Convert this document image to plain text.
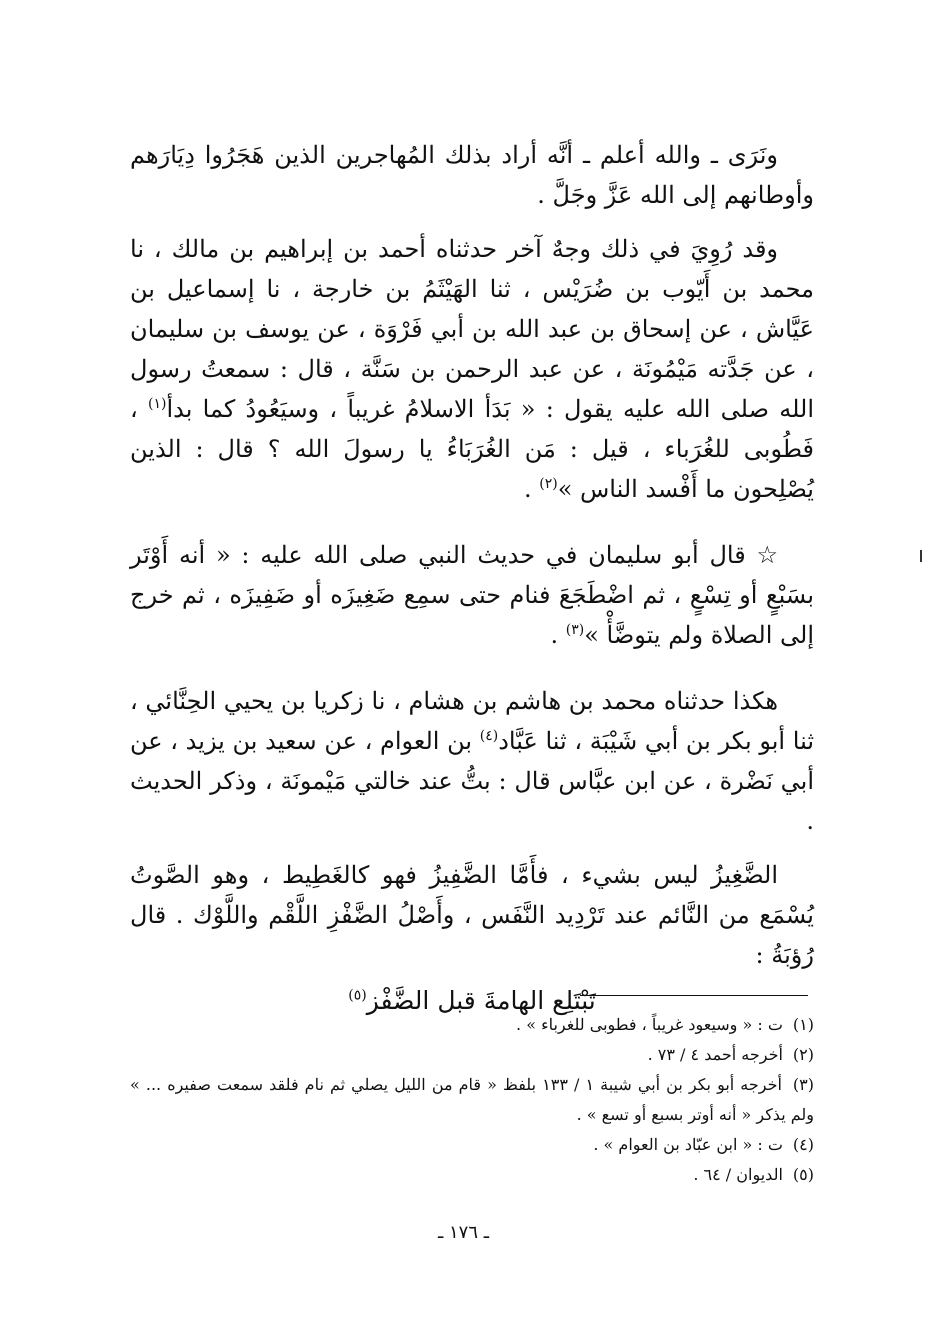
ونَرَى ـ والله أعلم ـ أنَّه أراد بذلك المُهاجرين الذين هَجَرُوا دِيَارَهم وأوطانهم إلى الله عَزَّ وجَلَّ .

وقد رُوِيَ في ذلك وجهٌ آخر حدثناه أحمد بن إبراهيم بن مالك ، نا محمد بن أَيّوب بن ضُرَيْس ، ثنا الهَيْثَمُ بن خارجة ، نا إسماعيل بن عَيَّاش ، عن إسحاق بن عبد الله بن أبي فَرْوَة ، عن يوسف بن سليمان ، عن جَدَّته مَيْمُونَة ، عن عبد الرحمن بن سَنَّة ، قال : سمعتُ رسول الله صلى الله عليه يقول : « بَدَأ الاسلامُ غريباً ، وسيَعُودُ كما بدأ$^{(١)}$ ، فَطُوبى للغُرَباء ، قيل : مَن الغُرَبَاءُ يا رسولَ الله ؟ قال : الذين يُصْلِحون ما أَفْسد الناس »$^{(٢)}$ .

☆ قال أبو سليمان في حديث النبي صلى الله عليه : « أنه أَوْتَر بسَبْعٍ أو تِسْعٍ ، ثم اضْطَجَعَ فنام حتى سمِع ضَغِيزَه أو ضَفِيزَه ، ثم خرج إلى الصلاة ولم يتوضَّأْ »$^{(٣)}$ .

هكذا حدثناه محمد بن هاشم بن هشام ، نا زكريا بن يحيي الحِنَّائي ، ثنا أبو بكر بن أبي شَيْبَة ، ثنا عَبَّاد$^{(٤)}$ بن العوام ، عن سعيد بن يزيد ، عن أبي نَضْرة ، عن ابن عبَّاس قال : بتُّ عند خالتي مَيْمونَة ، وذكر الحديث .

الضَّغِيزُ ليس بشيء ، فأَمَّا الضَّفِيزُ فهو كالغَطِيط ، وهو الصَّوتُ يُسْمَع من النَّائم عند تَرْدِيد النَّفَس ، وأَصْلُ الضَّفْزِ اللَّقْم واللَّوْك . قال رُؤبَةُ :

تَبْتَلِع الهامةَ قبل الضَّفْز$^{(٥)}$

(١) ت : « وسيعود غريباً ، فطوبى للغرباء » .

(٢) أخرجه أحمد ٤ / ٧٣ .

(٣) أخرجه أبو بكر بن أبي شيبة ١ / ١٣٣ بلفظ « قام من الليل يصلي ثم نام فلقد سمعت صفيره ... » ولم يذكر « أنه أوتر بسبع أو تسع » .

(٤) ت : « ابن عبّاد بن العوام » .

(٥) الديوان / ٦٤ .

ـ ١٧٦ ـ
